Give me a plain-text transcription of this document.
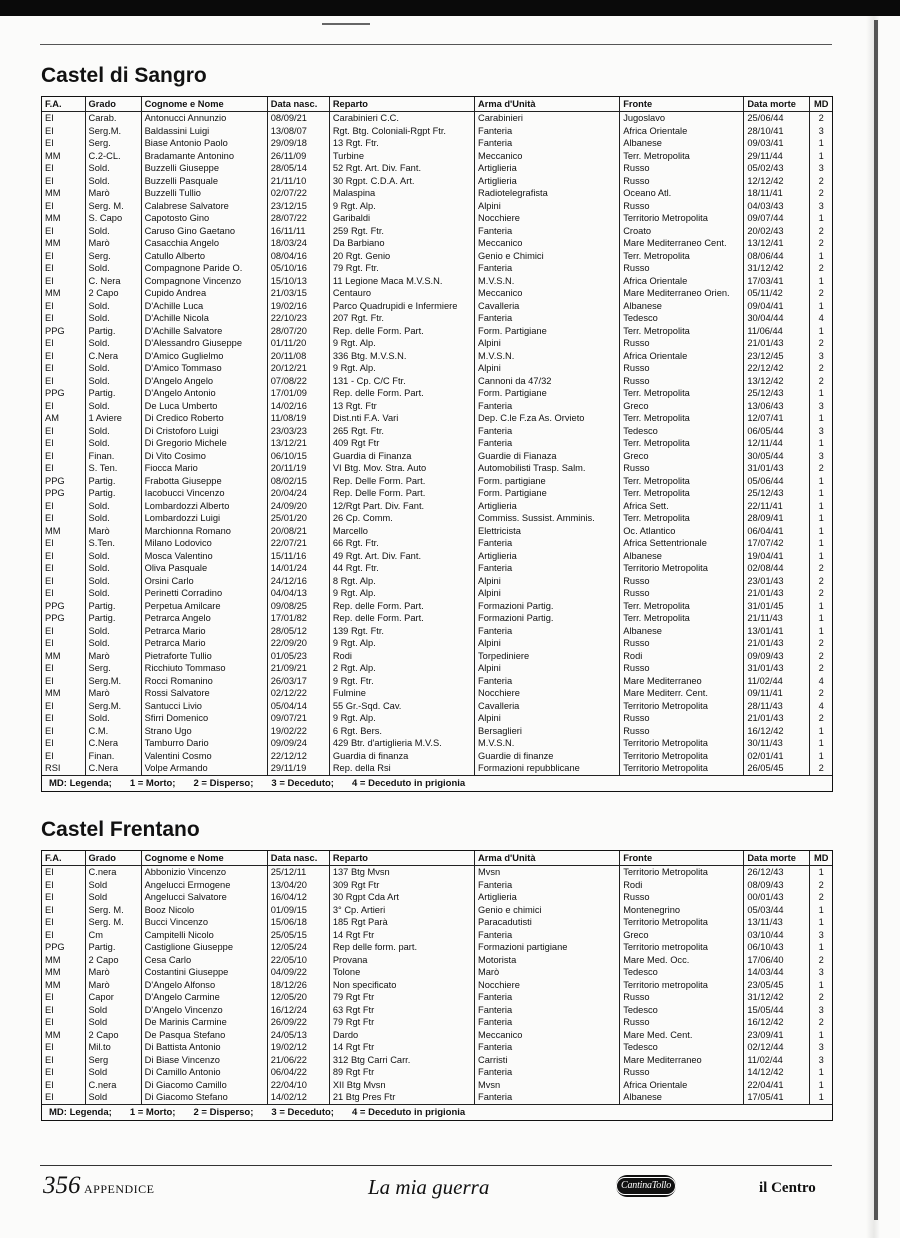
Castel di Sangro
F.A.	Grado	Cognome e Nome	Data nasc.	Reparto	Arma d'Unità	Fronte	Data morte	MD
EI	Carab.	Antonucci Annunzio	08/09/21	Carabinieri C.C.	Carabinieri	Jugoslavo	25/06/44	2
EI	Serg.M.	Baldassini Luigi	13/08/07	Rgt. Btg. Coloniali-Rgpt Ftr.	Fanteria	Africa Orientale	28/10/41	3
EI	Serg.	Biase Antonio Paolo	29/09/18	13 Rgt. Ftr.	Fanteria	Albanese	09/03/41	1
MM	C.2-CL.	Bradamante Antonino	26/11/09	Turbine	Meccanico	Terr. Metropolita	29/11/44	1
EI	Sold.	Buzzelli Giuseppe	28/05/14	52 Rgt. Art. Div. Fant.	Artiglieria	Russo	05/02/43	3
EI	Sold.	Buzzelli Pasquale	21/11/10	30 Rgpt. C.D.A. Art.	Artiglieria	Russo	12/12/42	2
MM	Marò	Buzzelli Tullio	02/07/22	Malaspina	Radiotelegrafista	Oceano Atl.	18/11/41	2
EI	Serg. M.	Calabrese Salvatore	23/12/15	9 Rgt. Alp.	Alpini	Russo	04/03/43	3
MM	S. Capo	Capotosto Gino	28/07/22	Garibaldi	Nocchiere	Territorio Metropolita	09/07/44	1
EI	Sold.	Caruso Gino Gaetano	16/11/11	259 Rgt. Ftr.	Fanteria	Croato	20/02/43	2
MM	Marò	Casacchia Angelo	18/03/24	Da Barbiano	Meccanico	Mare Mediterraneo Cent.	13/12/41	2
EI	Serg.	Catullo Alberto	08/04/16	20 Rgt. Genio	Genio e Chimici	Terr. Metropolita	08/06/44	1
EI	Sold.	Compagnone Paride O.	05/10/16	79 Rgt. Ftr.	Fanteria	Russo	31/12/42	2
EI	C. Nera	Compagnone Vincenzo	15/10/13	11 Legione Maca M.V.S.N.	M.V.S.N.	Africa Orientale	17/03/41	1
MM	2 Capo	Cupido Andrea	21/03/15	Centauro	Meccanico	Mare Mediterraneo Orien.	05/11/42	2
EI	Sold.	D'Achille Luca	19/02/16	Parco Quadrupidi e Infermiere	Cavalleria	Albanese	09/04/41	1
EI	Sold.	D'Achille Nicola	22/10/23	207 Rgt. Ftr.	Fanteria	Tedesco	30/04/44	4
PPG	Partig.	D'Achille Salvatore	28/07/20	Rep. delle Form. Part.	Form. Partigiane	Terr. Metropolita	11/06/44	1
EI	Sold.	D'Alessandro Giuseppe	01/11/20	9 Rgt. Alp.	Alpini	Russo	21/01/43	2
EI	C.Nera	D'Amico Guglielmo	20/11/08	336 Btg. M.V.S.N.	M.V.S.N.	Africa Orientale	23/12/45	3
EI	Sold.	D'Amico Tommaso	20/12/21	9 Rgt. Alp.	Alpini	Russo	22/12/42	2
EI	Sold.	D'Angelo Angelo	07/08/22	131 - Cp. C/C Ftr.	Cannoni da 47/32	Russo	13/12/42	2
PPG	Partig.	D'Angelo Antonio	17/01/09	Rep. delle Form. Part.	Form. Partigiane	Terr. Metropolita	25/12/43	1
EI	Sold.	De Luca Umberto	14/02/16	13 Rgt. Ftr	Fanteria	Greco	13/06/43	3
AM	1 Aviere	Di Credico Roberto	11/08/19	Dist.nti F.A. Vari	Dep. C.le F.za As. Orvieto	Terr. Metropolita	12/07/41	1
EI	Sold.	Di Cristoforo Luigi	23/03/23	265 Rgt. Ftr.	Fanteria	Tedesco	06/05/44	3
EI	Sold.	Di Gregorio Michele	13/12/21	409 Rgt Ftr	Fanteria	Terr. Metropolita	12/11/44	1
EI	Finan.	Di Vito Cosimo	06/10/15	Guardia di Finanza	Guardie di Fianaza	Greco	30/05/44	3
EI	S. Ten.	Fiocca Mario	20/11/19	VI Btg. Mov. Stra. Auto	Automobilisti Trasp. Salm.	Russo	31/01/43	2
PPG	Partig.	Frabotta Giuseppe	08/02/15	Rep. Delle Form. Part.	Form. partigiane	Terr. Metropolita	05/06/44	1
PPG	Partig.	Iacobucci Vincenzo	20/04/24	Rep. Delle Form. Part.	Form. Partigiane	Terr. Metropolita	25/12/43	1
EI	Sold.	Lombardozzi Alberto	24/09/20	12/Rgt Part. Div. Fant.	Artiglieria	Africa Sett.	22/11/41	1
EI	Sold.	Lombardozzi Luigi	25/01/20	26 Cp. Comm.	Commiss. Sussist. Amminis.	Terr. Metropolita	28/09/41	1
MM	Marò	Marchionna Romano	20/08/21	Marcello	Elettricista	Oc. Atlantico	06/04/41	1
EI	S.Ten.	Milano Lodovico	22/07/21	66 Rgt. Ftr.	Fanteria	Africa Settentrionale	17/07/42	1
EI	Sold.	Mosca Valentino	15/11/16	49 Rgt. Art. Div. Fant.	Artiglieria	Albanese	19/04/41	1
EI	Sold.	Oliva Pasquale	14/01/24	44 Rgt. Ftr.	Fanteria	Territorio Metropolita	02/08/44	2
EI	Sold.	Orsini Carlo	24/12/16	8 Rgt. Alp.	Alpini	Russo	23/01/43	2
EI	Sold.	Perinetti Corradino	04/04/13	9 Rgt. Alp.	Alpini	Russo	21/01/43	2
PPG	Partig.	Perpetua Amilcare	09/08/25	Rep. delle Form. Part.	Formazioni Partig.	Terr. Metropolita	31/01/45	1
PPG	Partig.	Petrarca Angelo	17/01/82	Rep. delle Form. Part.	Formazioni Partig.	Terr. Metropolita	21/11/43	1
EI	Sold.	Petrarca Mario	28/05/12	139 Rgt. Ftr.	Fanteria	Albanese	13/01/41	1
EI	Sold.	Petrarca Mario	22/09/20	9 Rgt. Alp.	Alpini	Russo	21/01/43	2
MM	Marò	Pietraforte Tullio	01/05/23	Rodi	Torpediniere	Rodi	09/09/43	2
EI	Serg.	Ricchiuto Tommaso	21/09/21	2 Rgt. Alp.	Alpini	Russo	31/01/43	2
EI	Serg.M.	Rocci Romanino	26/03/17	9 Rgt. Ftr.	Fanteria	Mare Mediterraneo	11/02/44	4
MM	Marò	Rossi Salvatore	02/12/22	Fulmine	Nocchiere	Mare Mediterr. Cent.	09/11/41	2
EI	Serg.M.	Santucci Livio	05/04/14	55 Gr.-Sqd. Cav.	Cavalleria	Territorio Metropolita	28/11/43	4
EI	Sold.	Sfirri Domenico	09/07/21	9 Rgt. Alp.	Alpini	Russo	21/01/43	2
EI	C.M.	Strano Ugo	19/02/22	6 Rgt. Bers.	Bersaglieri	Russo	16/12/42	1
EI	C.Nera	Tamburro Dario	09/09/24	429 Btr. d'artiglieria M.V.S.	M.V.S.N.	Territorio Metropolita	30/11/43	1
EI	Finan.	Valentini Cosmo	22/12/12	Guardia di finanza	Guardie di finanze	Territorio Metropolita	02/01/41	1
RSI	C.Nera	Volpe Armando	29/11/19	Rep. della Rsi	Formazioni repubblicane	Territorio Metropolita	26/05/45	2
MD: Legenda; 1 = Morto; 2 = Disperso; 3 = Deceduto; 4 = Deceduto in prigionia
Castel Frentano
F.A.	Grado	Cognome e Nome	Data nasc.	Reparto	Arma d'Unità	Fronte	Data morte	MD
EI	C.nera	Abbonizio Vincenzo	25/12/11	137 Btg Mvsn	Mvsn	Territorio Metropolita	26/12/43	1
EI	Sold	Angelucci Ermogene	13/04/20	309 Rgt Ftr	Fanteria	Rodi	08/09/43	2
EI	Sold	Angelucci Salvatore	16/04/12	30 Rgpt Cda Art	Artiglieria	Russo	00/01/43	2
EI	Serg. M.	Booz Nicolo	01/09/15	3° Cp. Artieri	Genio e chimici	Montenegrino	05/03/44	1
EI	Serg. M.	Bucci Vincenzo	15/06/18	185 Rgt Parà	Paracadutisti	Territorio Metropolita	13/11/43	1
EI	Cm	Campitelli Nicolo	25/05/15	14 Rgt Ftr	Fanteria	Greco	03/10/44	3
PPG	Partig.	Castiglione Giuseppe	12/05/24	Rep delle form. part.	Formazioni partigiane	Territorio metropolita	06/10/43	1
MM	2 Capo	Cesa Carlo	22/05/10	Provana	Motorista	Mare Med. Occ.	17/06/40	2
MM	Marò	Costantini Giuseppe	04/09/22	Tolone	Marò	Tedesco	14/03/44	3
MM	Marò	D'Angelo Alfonso	18/12/26	Non specificato	Nocchiere	Territorio metropolita	23/05/45	1
EI	Capor	D'Angelo Carmine	12/05/20	79 Rgt Ftr	Fanteria	Russo	31/12/42	2
EI	Sold	D'Angelo Vincenzo	16/12/24	63 Rgt Ftr	Fanteria	Tedesco	15/05/44	3
EI	Sold	De Marinis Carmine	26/09/22	79 Rgt Ftr	Fanteria	Russo	16/12/42	2
MM	2 Capo	De Pasqua Stefano	24/05/13	Dardo	Meccanico	Mare Med. Cent.	23/09/41	1
EI	Mil.to	Di Battista Antonio	19/02/12	14 Rgt Ftr	Fanteria	Tedesco	02/12/44	3
EI	Serg	Di Biase Vincenzo	21/06/22	312 Btg Carri Carr.	Carristi	Mare Mediterraneo	11/02/44	3
EI	Sold	Di Camillo Antonio	06/04/22	89 Rgt Ftr	Fanteria	Russo	14/12/42	1
EI	C.nera	Di Giacomo Camillo	22/04/10	XII Btg Mvsn	Mvsn	Africa Orientale	22/04/41	1
EI	Sold	Di Giacomo Stefano	14/02/12	21 Btg Pres Ftr	Fanteria	Albanese	17/05/41	1
MD: Legenda; 1 = Morto; 2 = Disperso; 3 = Deceduto; 4 = Deceduto in prigionia
356 APPENDICE	La mia guerra	CantinaTollo	il Centro
